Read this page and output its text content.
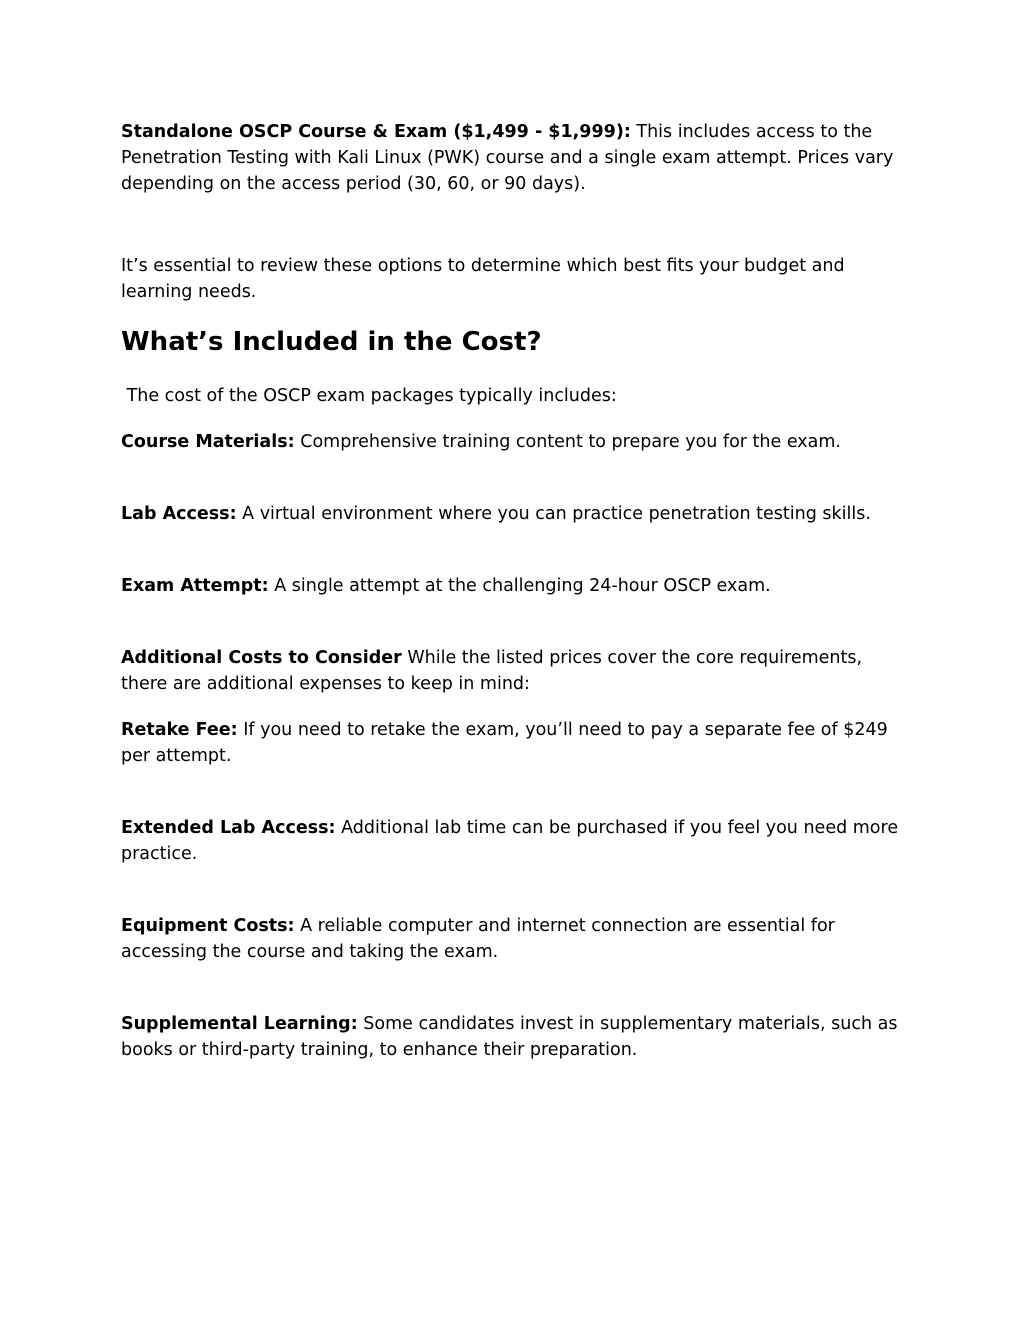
Standalone OSCP Course & Exam ($1,499 - $1,999): This includes access to the Penetration Testing with Kali Linux (PWK) course and a single exam attempt. Prices vary depending on the access period (30, 60, or 90 days).

It’s essential to review these options to determine which best fits your budget and learning needs.

What’s Included in the Cost?

The cost of the OSCP exam packages typically includes:

Course Materials: Comprehensive training content to prepare you for the exam.

Lab Access: A virtual environment where you can practice penetration testing skills.

Exam Attempt: A single attempt at the challenging 24-hour OSCP exam.

Additional Costs to Consider While the listed prices cover the core requirements, there are additional expenses to keep in mind:

Retake Fee: If you need to retake the exam, you’ll need to pay a separate fee of $249 per attempt.

Extended Lab Access: Additional lab time can be purchased if you feel you need more practice.

Equipment Costs: A reliable computer and internet connection are essential for accessing the course and taking the exam.

Supplemental Learning: Some candidates invest in supplementary materials, such as books or third-party training, to enhance their preparation.
